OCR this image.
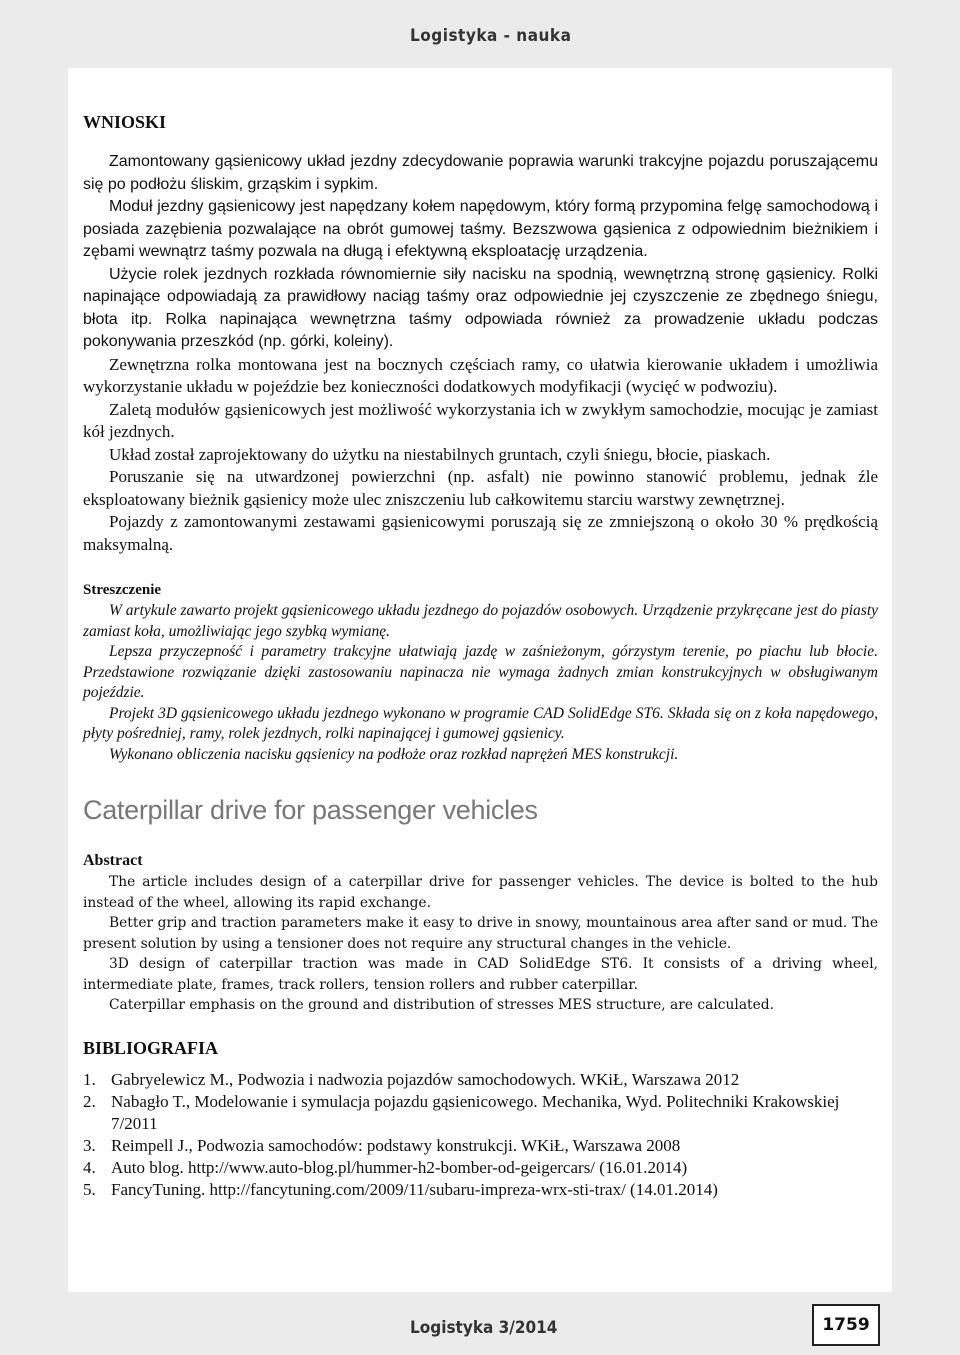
Logistyka - nauka
WNIOSKI

Zamontowany gąsienicowy układ jezdny zdecydowanie poprawia warunki trakcyjne pojazdu poruszającemu się po podłożu śliskim, grząskim i sypkim.

Moduł jezdny gąsienicowy jest napędzany kołem napędowym, który formą przypomina felgę samochodową i posiada zazębienia pozwalające na obrót gumowej taśmy. Bezszwowa gąsienica z odpowiednim bieżnikiem i zębami wewnątrz taśmy pozwala na długą i efektywną eksploatację urządzenia.

Użycie rolek jezdnych rozkłada równomiernie siły nacisku na spodnią, wewnętrzną stronę gąsienicy. Rolki napinające odpowiadają za prawidłowy naciąg taśmy oraz odpowiednie jej czyszczenie ze zbędnego śniegu, błota itp. Rolka napinająca wewnętrzna taśmy odpowiada również za prowadzenie układu podczas pokonywania przeszkód (np. górki, koleiny).

Zewnętrzna rolka montowana jest na bocznych częściach ramy, co ułatwia kierowanie układem i umożliwia wykorzystanie układu w pojeździe bez konieczności dodatkowych modyfikacji (wycięć w podwoziu).

Zaletą modułów gąsienicowych jest możliwość wykorzystania ich w zwykłym samochodzie, mocując je zamiast kół jezdnych.

Układ został zaprojektowany do użytku na niestabilnych gruntach, czyli śniegu, błocie, piaskach.

Poruszanie się na utwardzonej powierzchni (np. asfalt) nie powinno stanowić problemu, jednak źle eksploatowany bieżnik gąsienicy może ulec zniszczeniu lub całkowitemu starciu warstwy zewnętrznej.

Pojazdy z zamontowanymi zestawami gąsienicowymi poruszają się ze zmniejszoną o około 30 % prędkością maksymalną.

Streszczenie

W artykule zawarto projekt gąsienicowego układu jezdnego do pojazdów osobowych. Urządzenie przykręcane jest do piasty zamiast koła, umożliwiając jego szybką wymianę.

Lepsza przyczepność i parametry trakcyjne ułatwiają jazdę w zaśnieżonym, górzystym terenie, po piachu lub błocie. Przedstawione rozwiązanie dzięki zastosowaniu napinacza nie wymaga żadnych zmian konstrukcyjnych w obsługiwanym pojeździe.

Projekt 3D gąsienicowego układu jezdnego wykonano w programie CAD SolidEdge ST6. Składa się on z koła napędowego, płyty pośredniej, ramy, rolek jezdnych, rolki napinającej i gumowej gąsienicy.

Wykonano obliczenia nacisku gąsienicy na podłoże oraz rozkład naprężeń MES konstrukcji.

Caterpillar drive for passenger vehicles
Abstract

The article includes design of a caterpillar drive for passenger vehicles. The device is bolted to the hub instead of the wheel, allowing its rapid exchange.

Better grip and traction parameters make it easy to drive in snowy, mountainous area after sand or mud. The present solution by using a tensioner does not require any structural changes in the vehicle.

3D design of caterpillar traction was made in CAD SolidEdge ST6. It consists of a driving wheel, intermediate plate, frames, track rollers, tension rollers and rubber caterpillar.

Caterpillar emphasis on the ground and distribution of stresses MES structure, are calculated.

BIBLIOGRAFIA
1. Gabryelewicz M., Podwozia i nadwozia pojazdów samochodowych. WKiŁ, Warszawa 2012
2. Nabagło T., Modelowanie i symulacja pojazdu gąsienicowego. Mechanika, Wyd. Politechniki Krakowskiej 7/2011
3. Reimpell J., Podwozia samochodów: podstawy konstrukcji. WKiŁ, Warszawa 2008
4. Auto blog. http://www.auto-blog.pl/hummer-h2-bomber-od-geigercars/ (16.01.2014)
5. FancyTuning. http://fancytuning.com/2009/11/subaru-impreza-wrx-sti-trax/ (14.01.2014)
Logistyka 3/2014	1759
